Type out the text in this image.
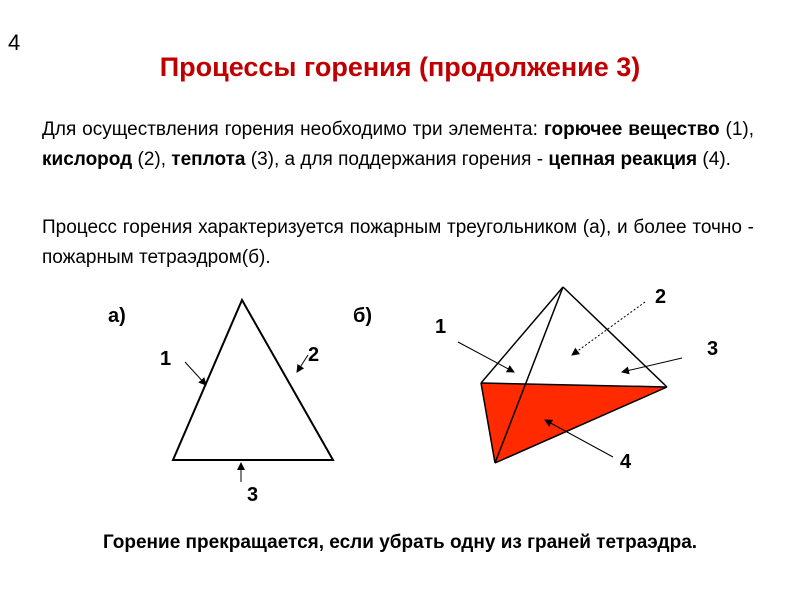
4
Процессы горения (продолжение 3)
Для осуществления горения необходимо три элемента: горючее вещество (1), кислород (2), теплота (3), а для поддержания горения - цепная реакция (4).
Процесс горения характеризуется пожарным треугольником (а), и более точно - пожарным тетраэдром(б).
а)
1	2
3
б)	1
2
3
4
Горение прекращается, если убрать одну из граней тетраэдра.
